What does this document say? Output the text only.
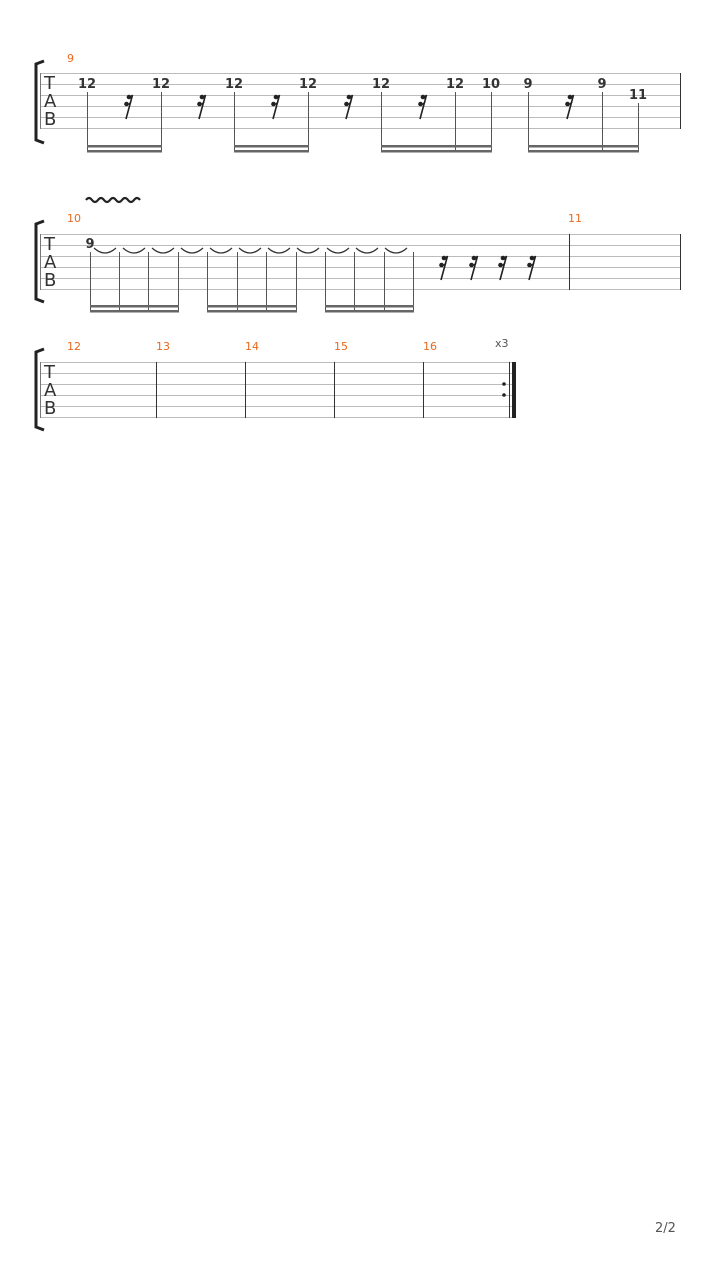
T
A
B
9
12	12	12	12	12	12 10 9	9
11
T
A
B
10	11
9
x3
T
A
B
12	13	14	15	16
2/2
